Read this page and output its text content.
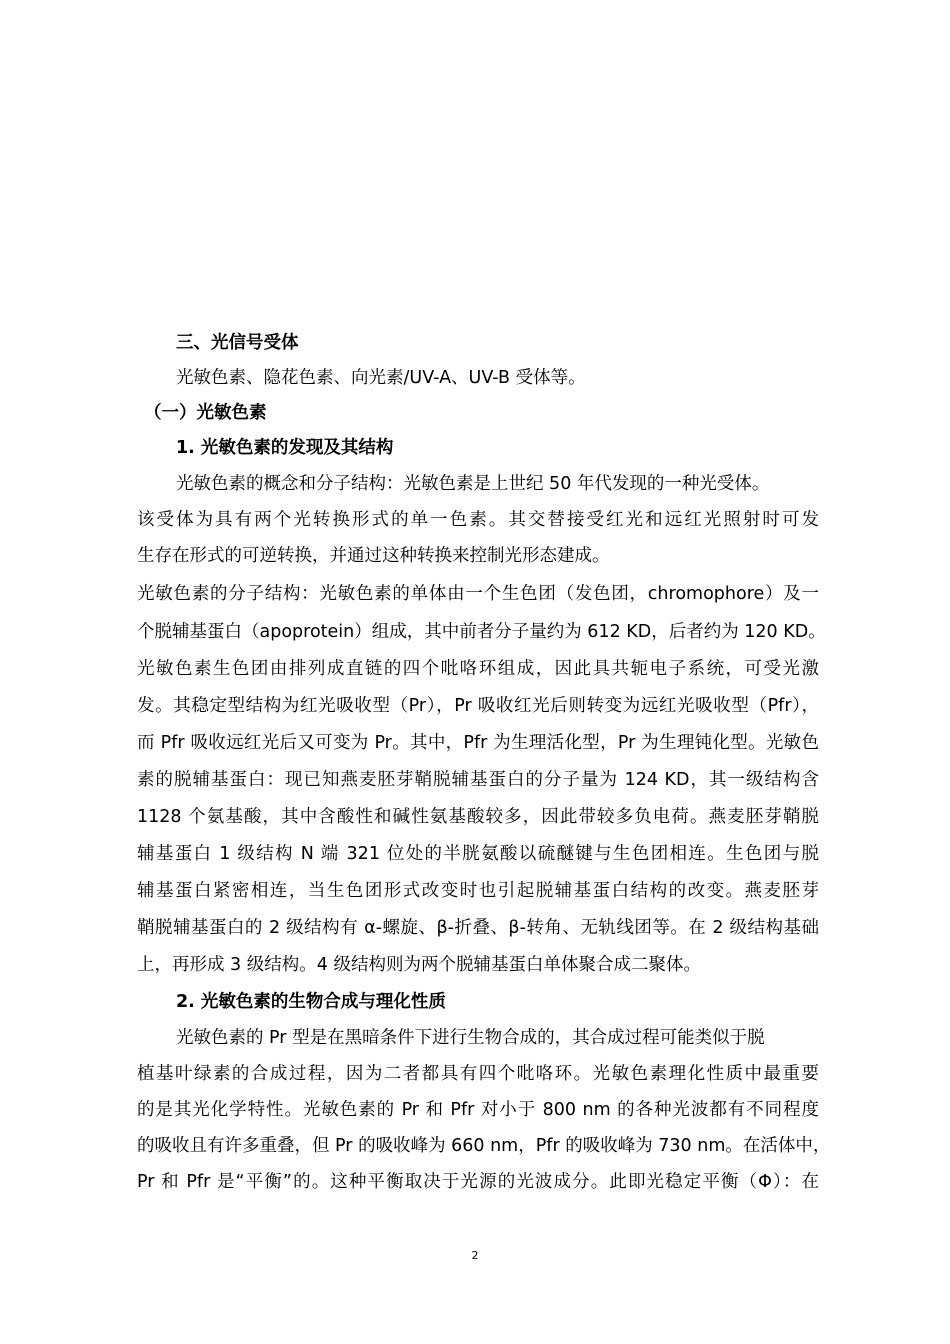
三、光信号受体
光敏色素、隐花色素、向光素/UV-A、UV-B 受体等。
（一）光敏色素
1. 光敏色素的发现及其结构
光敏色素的概念和分子结构：光敏色素是上世纪 50 年代发现的一种光受体。
该受体为具有两个光转换形式的单一色素。其交替接受红光和远红光照射时可发
生存在形式的可逆转换，并通过这种转换来控制光形态建成。
光敏色素的分子结构：光敏色素的单体由一个生色团（发色团，chromophore）及一
个脱辅基蛋白（apoprotein）组成，其中前者分子量约为 612 KD，后者约为 120 KD。
光敏色素生色团由排列成直链的四个吡咯环组成，因此具共轭电子系统，可受光激
发。其稳定型结构为红光吸收型（Pr），Pr 吸收红光后则转变为远红光吸收型（Pfr），
而 Pfr 吸收远红光后又可变为 Pr。其中，Pfr 为生理活化型，Pr 为生理钝化型。光敏色
素的脱辅基蛋白：现已知燕麦胚芽鞘脱辅基蛋白的分子量为 124 KD，其一级结构含
1128 个氨基酸，其中含酸性和碱性氨基酸较多，因此带较多负电荷。燕麦胚芽鞘脱
辅基蛋白 1 级结构 N 端 321 位处的半胱氨酸以硫醚键与生色团相连。生色团与脱
辅基蛋白紧密相连，当生色团形式改变时也引起脱辅基蛋白结构的改变。燕麦胚芽
鞘脱辅基蛋白的 2 级结构有 α-螺旋、β-折叠、β-转角、无轨线团等。在 2 级结构基础
上，再形成 3 级结构。4 级结构则为两个脱辅基蛋白单体聚合成二聚体。
2. 光敏色素的生物合成与理化性质
光敏色素的 Pr 型是在黑暗条件下进行生物合成的，其合成过程可能类似于脱
植基叶绿素的合成过程，因为二者都具有四个吡咯环。光敏色素理化性质中最重要
的是其光化学特性。光敏色素的 Pr 和 Pfr 对小于 800 nm 的各种光波都有不同程度
的吸收且有许多重叠，但 Pr 的吸收峰为 660 nm，Pfr 的吸收峰为 730 nm。在活体中，
Pr 和 Pfr 是“平衡”的。这种平衡取决于光源的光波成分。此即光稳定平衡（Φ）：在
2
